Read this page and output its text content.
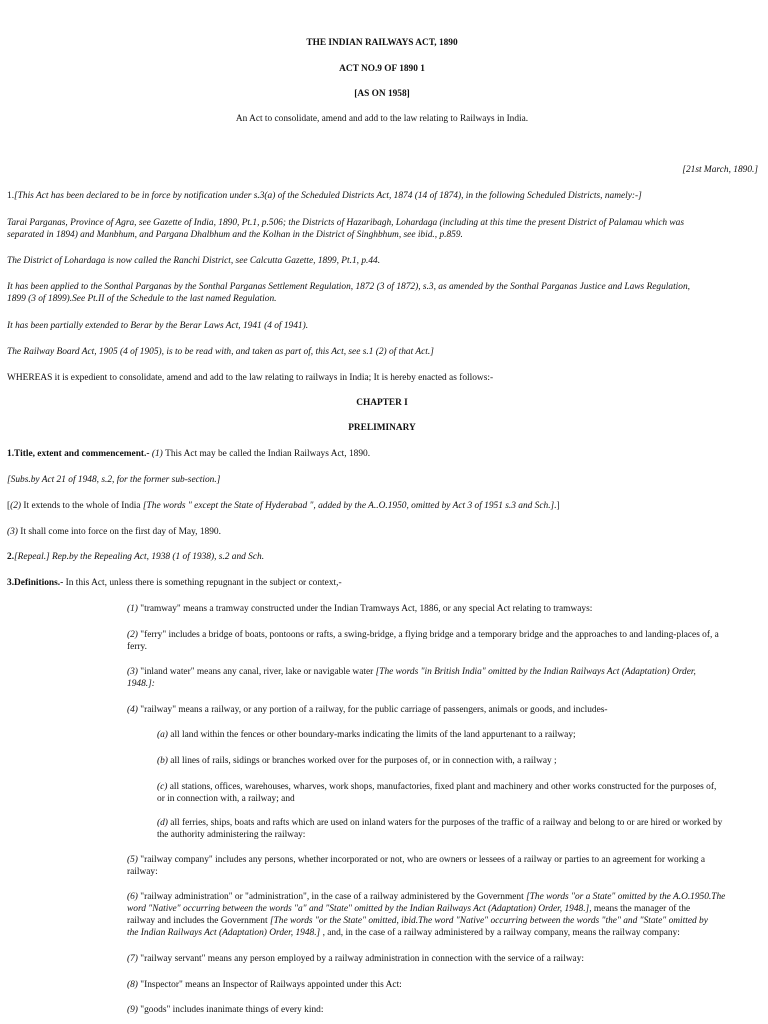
THE INDIAN RAILWAYS ACT, 1890
ACT NO.9 OF 1890 1
[AS ON 1958]
An Act to consolidate, amend and add to the law relating to Railways in India.
[21st March, 1890.]
1.[This Act has been declared to be in force by notification under s.3(a) of the Scheduled Districts Act, 1874 (14 of 1874), in the following Scheduled Districts, namely:-]
Tarai Parganas, Province of Agra, see Gazette of India, 1890, Pt.1, p.506; the Districts of Hazaribagh, Lohardaga (including at this time the present District of Palamau which was
separated in 1894) and Manbhum, and Pargana Dhalbhum and the Kolhan in the District of Singhbhum, see ibid., p.859.
The District of Lohardaga is now called the Ranchi District, see Calcutta Gazette, 1899, Pt.1, p.44.
It has been applied to the Sonthal Parganas by the Sonthal Parganas Settlement Regulation, 1872 (3 of 1872), s.3, as amended by the Sonthal Parganas Justice and Laws Regulation,
1899 (3 of 1899).See Pt.II of the Schedule to the last named Regulation.
It has been partially extended to Berar by the Berar Laws Act, 1941 (4 of 1941).
The Railway Board Act, 1905 (4 of 1905), is to be read with, and taken as part of, this Act, see s.1 (2) of that Act.]
WHEREAS it is expedient to consolidate, amend and add to the law relating to railways in India; It is hereby enacted as follows:-
CHAPTER I
PRELIMINARY
1.Title, extent and commencement.- (1) This Act may be called the Indian Railways Act, 1890.
[Subs.by Act 21 of 1948, s.2, for the former sub-section.]
[(2) It extends to the whole of India [The words " except the State of Hyderabad ", added by the A..O.1950, omitted by Act 3 of 1951 s.3 and Sch.].]
(3) It shall come into force on the first day of May, 1890.
2.[Repeal.] Rep.by the Repealing Act, 1938 (1 of 1938), s.2 and Sch.
3.Definitions.- In this Act, unless there is something repugnant in the subject or context,-
(1) "tramway" means a tramway constructed under the Indian Tramways Act, 1886, or any special Act relating to tramways:
(2) "ferry" includes a bridge of boats, pontoons or rafts, a swing-bridge, a flying bridge and a temporary bridge and the approaches to and landing-places of, a
ferry.
(3) "inland water" means any canal, river, lake or navigable water [The words "in British India" omitted by the Indian Railways Act (Adaptation) Order,
1948.]:
(4) "railway" means a railway, or any portion of a railway, for the public carriage of passengers, animals or goods, and includes-
(a) all land within the fences or other boundary-marks indicating the limits of the land appurtenant to a railway;
(b) all lines of rails, sidings or branches worked over for the purposes of, or in connection with, a railway ;
(c) all stations, offices, warehouses, wharves, work shops, manufactories, fixed plant and machinery and other works constructed for the purposes of,
or in connection with, a railway; and
(d) all ferries, ships, boats and rafts which are used on inland waters for the purposes of the traffic of a railway and belong to or are hired or worked by
the authority administering the railway:
(5) "railway company" includes any persons, whether incorporated or not, who are owners or lessees of a railway or parties to an agreement for working a
railway:
(6) "railway administration" or "administration", in the case of a railway administered by the Government [The words "or a State" omitted by the A.O.1950.The
word "Native" occurring between the words "a" and "State" omitted by the Indian Railways Act (Adaptation) Order, 1948.], means the manager of the
railway and includes the Government [The words "or the State" omitted, ibid.The word "Native" occurring between the words "the" and "State" omitted by
the Indian Railways Act (Adaptation) Order, 1948.] , and, in the case of a railway administered by a railway company, means the railway company:
(7) "railway servant" means any person employed by a railway administration in connection with the service of a railway:
(8) "Inspector" means an Inspector of Railways appointed under this Act:
(9) "goods" includes inanimate things of every kind:
